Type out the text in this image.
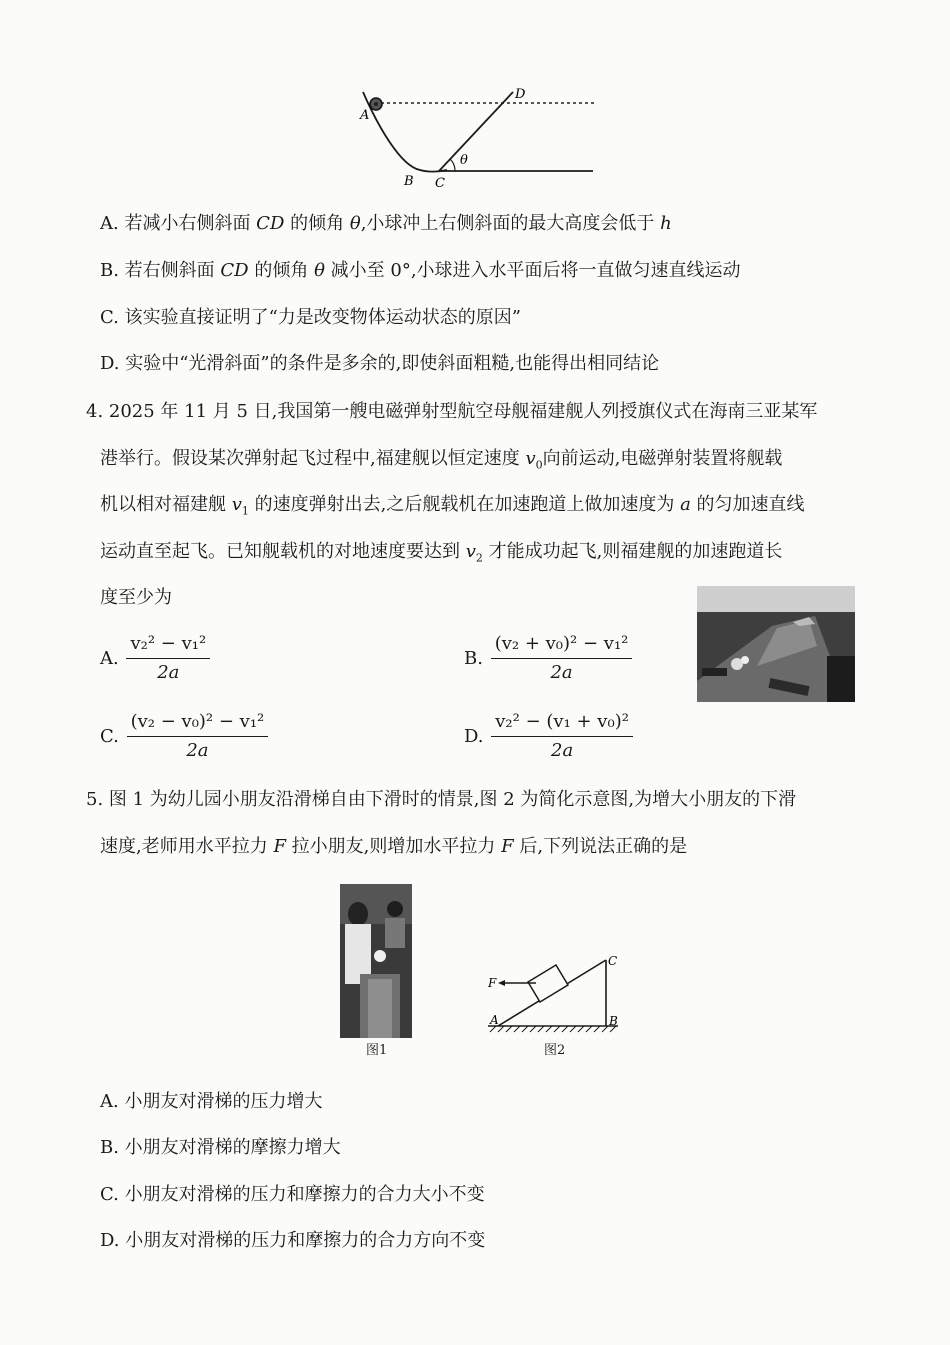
A
D
B C
θ
A. 若减小右侧斜面 CD 的倾角 θ,小球冲上右侧斜面的最大高度会低于 h
B. 若右侧斜面 CD 的倾角 θ 减小至 0°,小球进入水平面后将一直做匀速直线运动
C. 该实验直接证明了“力是改变物体运动状态的原因”
D. 实验中“光滑斜面”的条件是多余的,即使斜面粗糙,也能得出相同结论
4. 2025 年 11 月 5 日,我国第一艘电磁弹射型航空母舰福建舰人列授旗仪式在海南三亚某军
港举行。假设某次弹射起飞过程中,福建舰以恒定速度 $v_0$向前运动,电磁弹射装置将舰载
机以相对福建舰 $v_1$ 的速度弹射出去,之后舰载机在加速跑道上做加速度为 a 的匀加速直线
运动直至起飞。已知舰载机的对地速度要达到 $v_2$ 才能成功起飞,则福建舰的加速跑道长
度至少为
A. $\frac{\text{v₂² − v₁²}}{2a}$	B. $\frac{\text{(v₂ + v₀)² − v₁²}}{2a}$
C. $\frac{\text{(v₂ − v₀)² − v₁²}}{2a}$	D. $\frac{\text{v₂² − (v₁ + v₀)²}}{2a}$
5. 图 1 为幼儿园小朋友沿滑梯自由下滑时的情景,图 2 为简化示意图,为增大小朋友的下滑
速度,老师用水平拉力 F 拉小朋友,则增加水平拉力 F 后,下列说法正确的是
图1
F
A	B
C
图2
A. 小朋友对滑梯的压力增大
B. 小朋友对滑梯的摩擦力增大
C. 小朋友对滑梯的压力和摩擦力的合力大小不变
D. 小朋友对滑梯的压力和摩擦力的合力方向不变
